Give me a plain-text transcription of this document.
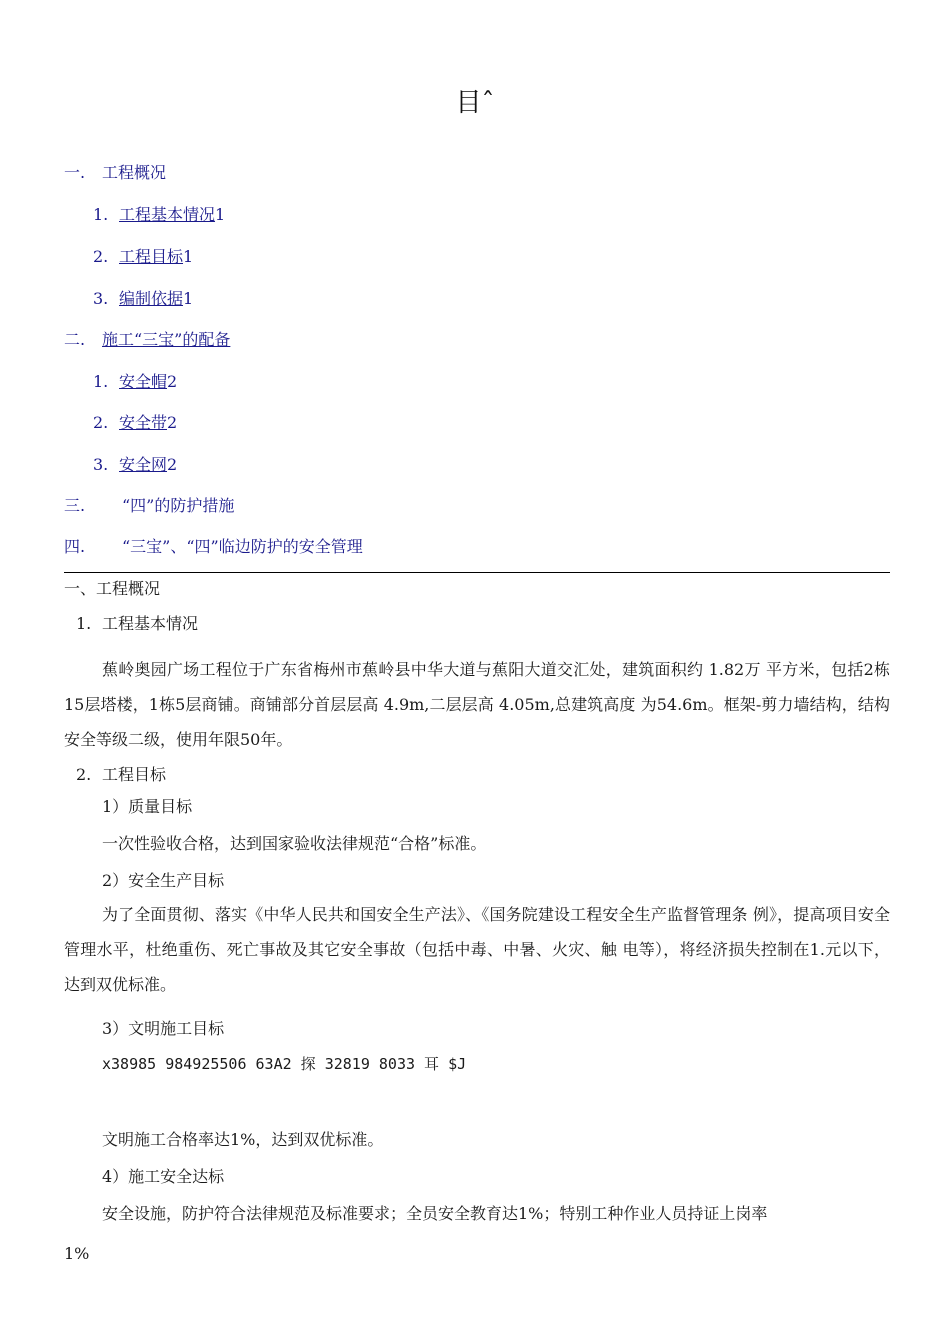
目ˆ
一. 工程概况
1. 工程基本情况1
2. 工程目标1
3. 编制依据1
二. 施工“三宝”的配备
1. 安全帽2
2. 安全带2
3. 安全网2
三. “四”的防护措施
四. “三宝”、“四”临边防护的安全管理
一、工程概况
1. 工程基本情况
蕉岭奥园广场工程位于广东省梅州市蕉岭县中华大道与蕉阳大道交汇处，建筑面积约 1.82万 平方米，包括2栋15层塔楼，1栋5层商铺。商铺部分首层层高 4.9m,二层层高 4.05m,总建筑高度 为54.6m。框架-剪力墙结构，结构安全等级二级，使用年限50年。
2. 工程目标
1）质量目标
一次性验收合格，达到国家验收法律规范“合格”标准。
2）安全生产目标
为了全面贯彻、落实《中华人民共和国安全生产法》、《国务院建设工程安全生产监督管理条 例》，提高项目安全管理水平，杜绝重伤、死亡事故及其它安全事故（包括中毒、中暑、火灾、触 电等），将经济损失控制在1.元以下，达到双优标准。
3）文明施工目标
x38985 984925506 63A2 探 32819 8033 耳 $J
文明施工合格率达1%，达到双优标准。
4）施工安全达标
安全设施，防护符合法律规范及标准要求；全员安全教育达1%；特别工种作业人员持证上岗率
1%
